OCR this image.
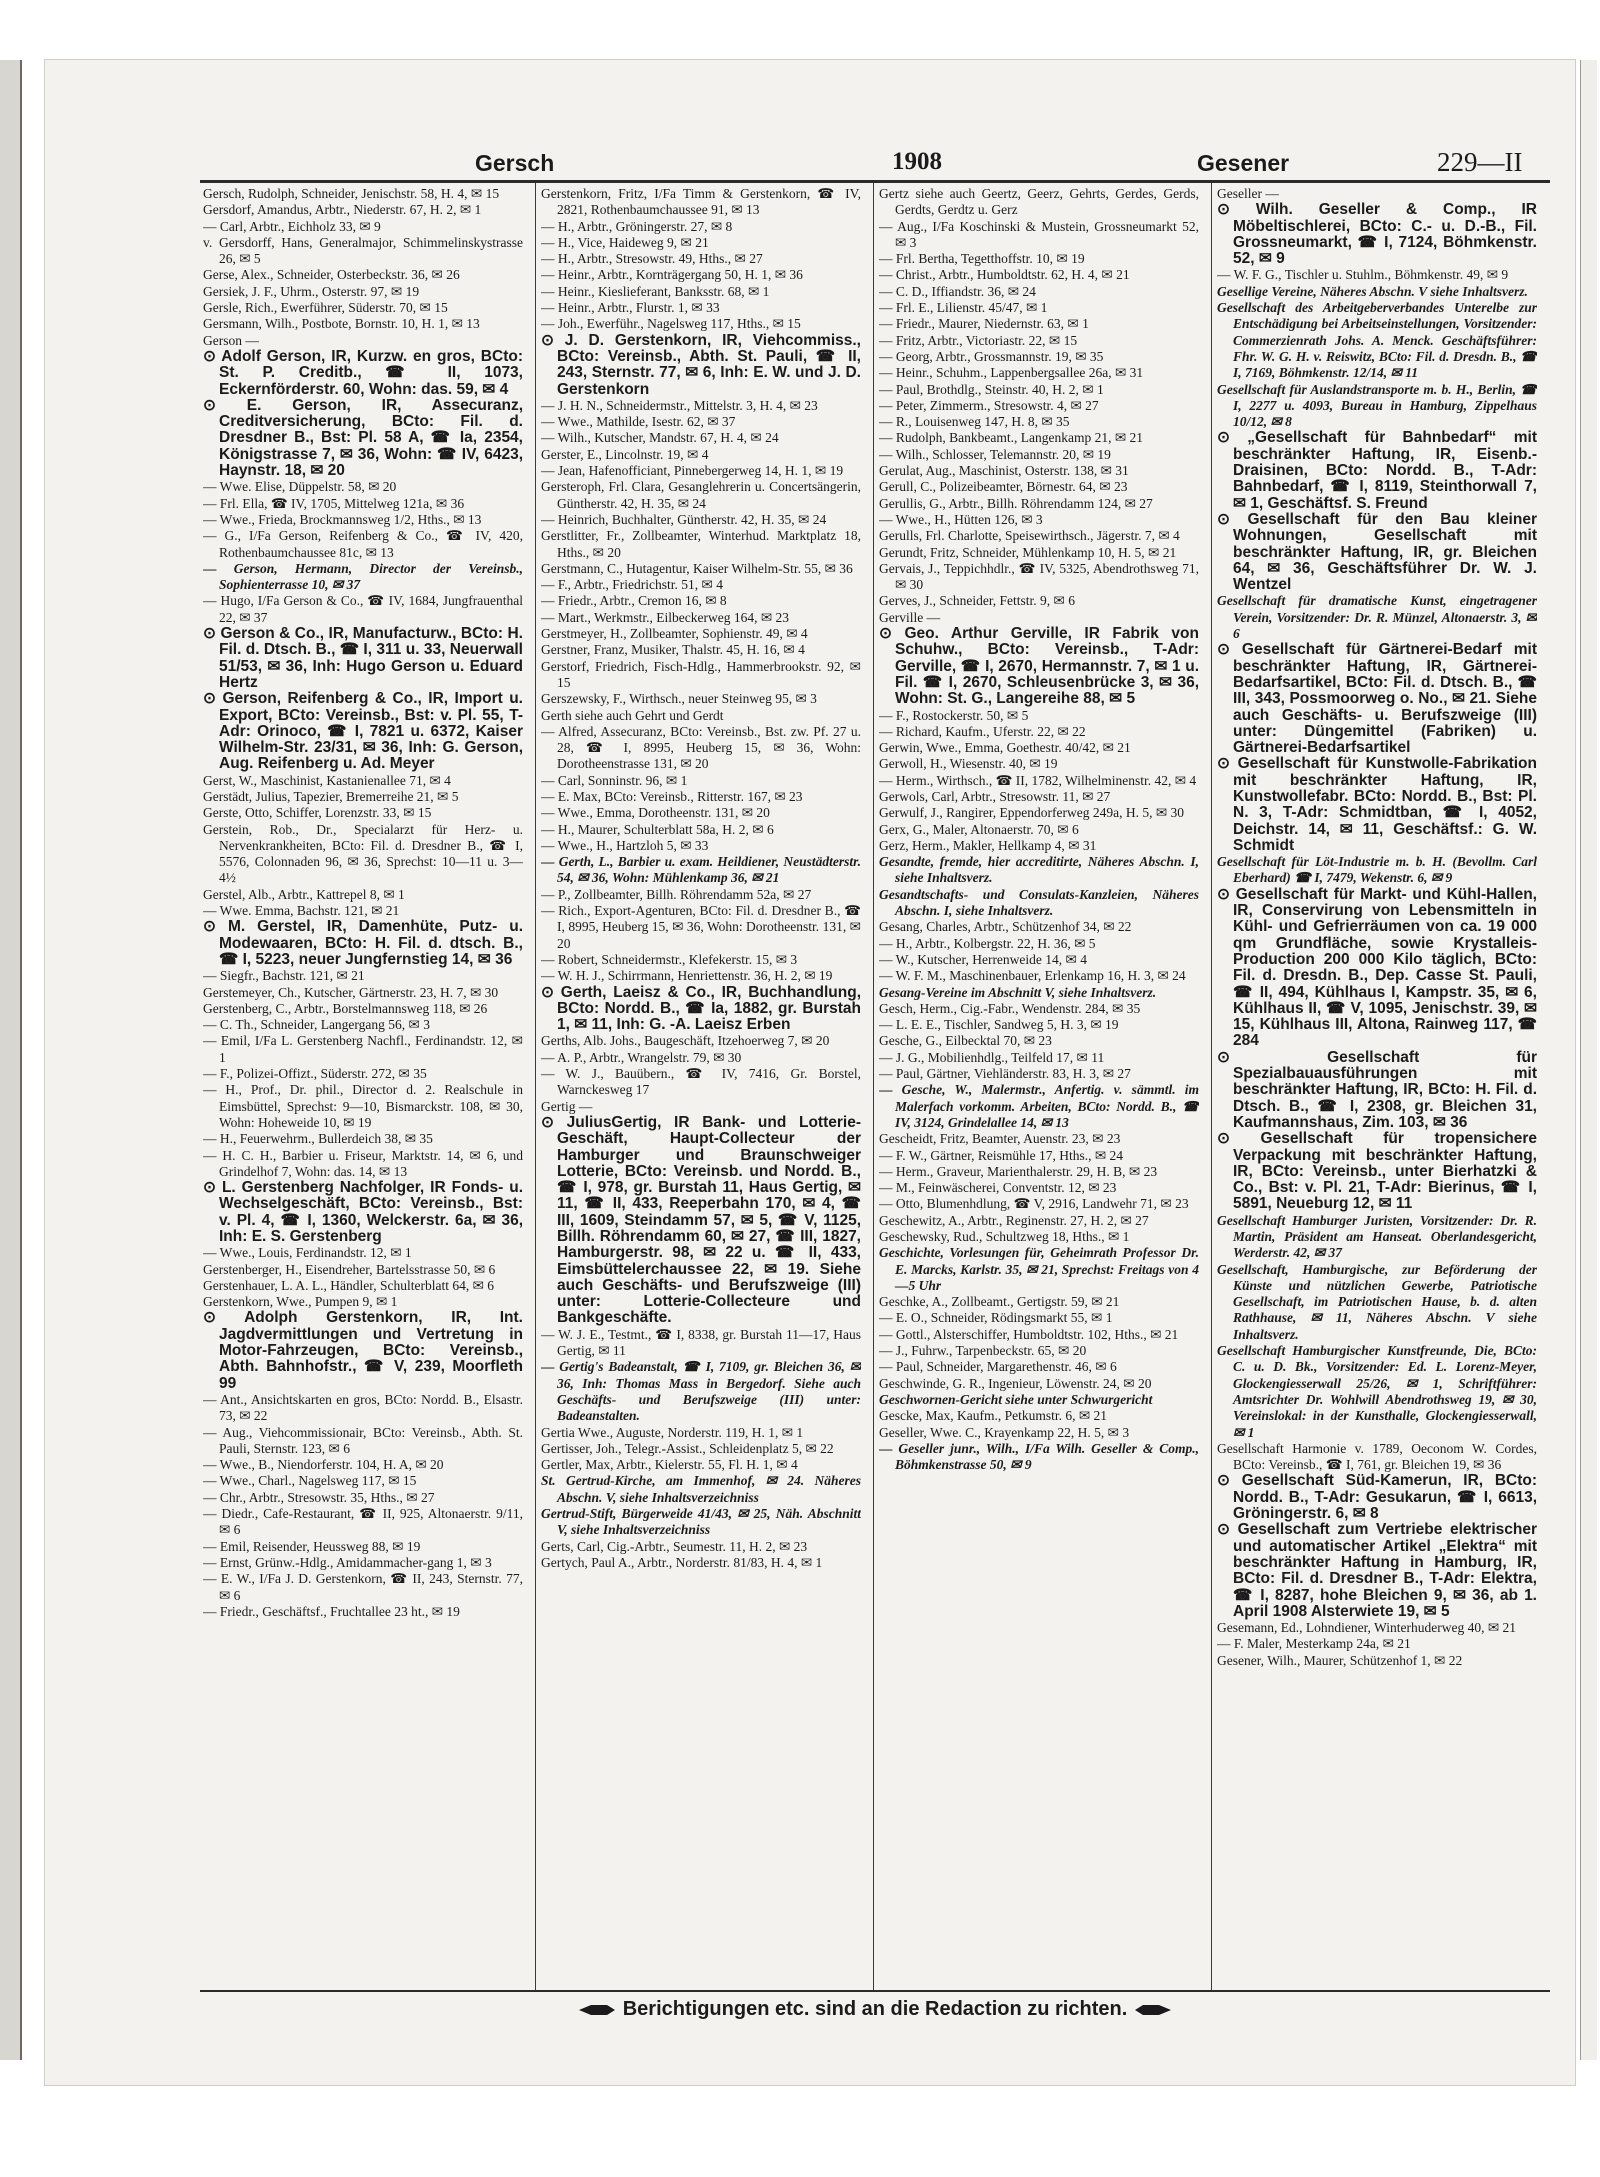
Gersch	1908	Gesener	229—II

Gersch, Rudolph, Schneider, Jenischstr. 58, H. 4, ✉ 15

Gersdorf, Amandus, Arbtr., Niederstr. 67, H. 2, ✉ 1

— Carl, Arbtr., Eichholz 33, ✉ 9

v. Gersdorff, Hans, Generalmajor, Schimmelinskystrasse 26, ✉ 5

Gerse, Alex., Schneider, Osterbeckstr. 36, ✉ 26

Gersiek, J. F., Uhrm., Osterstr. 97, ✉ 19

Gersle, Rich., Ewerführer, Süderstr. 70, ✉ 15

Gersmann, Wilh., Postbote, Bornstr. 10, H. 1, ✉ 13

Gerson —

⊙ Adolf Gerson, IR, Kurzw. en gros, BCto: St. P. Creditb., ☎ II, 1073, Eckernförderstr. 60, Wohn: das. 59, ✉ 4

⊙ E. Gerson, IR, Assecuranz, Creditversicherung, BCto: Fil. d. Dresdner B., Bst: Pl. 58 A, ☎ Ia, 2354, Königstrasse 7, ✉ 36, Wohn: ☎ IV, 6423, Haynstr. 18, ✉ 20

— Wwe. Elise, Düppelstr. 58, ✉ 20

— Frl. Ella, ☎ IV, 1705, Mittelweg 121a, ✉ 36

— Wwe., Frieda, Brockmannsweg 1/2, Hths., ✉ 13

— G., I/Fa Gerson, Reifenberg & Co., ☎ IV, 420, Rothenbaumchaussee 81c, ✉ 13

— Gerson, Hermann, Director der Vereinsb., Sophienterrasse 10, ✉ 37

— Hugo, I/Fa Gerson & Co., ☎ IV, 1684, Jungfrauenthal 22, ✉ 37

⊙ Gerson & Co., IR, Manufacturw., BCto: H. Fil. d. Dtsch. B., ☎ I, 311 u. 33, Neuerwall 51/53, ✉ 36, Inh: Hugo Gerson u. Eduard Hertz

⊙ Gerson, Reifenberg & Co., IR, Import u. Export, BCto: Vereinsb., Bst: v. Pl. 55, T-Adr: Orinoco, ☎ I, 7821 u. 6372, Kaiser Wilhelm-Str. 23/31, ✉ 36, Inh: G. Gerson, Aug. Reifenberg u. Ad. Meyer

Gerst, W., Maschinist, Kastanienallee 71, ✉ 4

Gerstädt, Julius, Tapezier, Bremerreihe 21, ✉ 5

Gerste, Otto, Schiffer, Lorenzstr. 33, ✉ 15

Gerstein, Rob., Dr., Specialarzt für Herz- u. Nervenkrankheiten, BCto: Fil. d. Dresdner B., ☎ I, 5576, Colonnaden 96, ✉ 36, Sprechst: 10—11 u. 3—4½

Gerstel, Alb., Arbtr., Kattrepel 8, ✉ 1

— Wwe. Emma, Bachstr. 121, ✉ 21

⊙ M. Gerstel, IR, Damenhüte, Putz- u. Modewaaren, BCto: H. Fil. d. dtsch. B., ☎ I, 5223, neuer Jungfernstieg 14, ✉ 36

— Siegfr., Bachstr. 121, ✉ 21

Gerstemeyer, Ch., Kutscher, Gärtnerstr. 23, H. 7, ✉ 30

Gerstenberg, C., Arbtr., Borstelmannsweg 118, ✉ 26

— C. Th., Schneider, Langergang 56, ✉ 3

— Emil, I/Fa L. Gerstenberg Nachfl., Ferdinandstr. 12, ✉ 1

— F., Polizei-Offizt., Süderstr. 272, ✉ 35

— H., Prof., Dr. phil., Director d. 2. Realschule in Eimsbüttel, Sprechst: 9—10, Bismarckstr. 108, ✉ 30, Wohn: Hoheweide 10, ✉ 19

— H., Feuerwehrm., Bullerdeich 38, ✉ 35

— H. C. H., Barbier u. Friseur, Marktstr. 14, ✉ 6, und Grindelhof 7, Wohn: das. 14, ✉ 13

⊙ L. Gerstenberg Nachfolger, IR Fonds- u. Wechselgeschäft, BCto: Vereinsb., Bst: v. Pl. 4, ☎ I, 1360, Welckerstr. 6a, ✉ 36, Inh: E. S. Gerstenberg

— Wwe., Louis, Ferdinandstr. 12, ✉ 1

Gerstenberger, H., Eisendreher, Bartelsstrasse 50, ✉ 6

Gerstenhauer, L. A. L., Händler, Schulterblatt 64, ✉ 6

Gerstenkorn, Wwe., Pumpen 9, ✉ 1

⊙ Adolph Gerstenkorn, IR, Int. Jagdvermittlungen und Vertretung in Motor-Fahrzeugen, BCto: Vereinsb., Abth. Bahnhofstr., ☎ V, 239, Moorfleth 99

— Ant., Ansichtskarten en gros, BCto: Nordd. B., Elsastr. 73, ✉ 22

— Aug., Viehcommissionair, BCto: Vereinsb., Abth. St. Pauli, Sternstr. 123, ✉ 6

— Wwe., B., Niendorferstr. 104, H. A, ✉ 20

— Wwe., Charl., Nagelsweg 117, ✉ 15

— Chr., Arbtr., Stresowstr. 35, Hths., ✉ 27

— Diedr., Cafe-Restaurant, ☎ II, 925, Altonaerstr. 9/11, ✉ 6

— Emil, Reisender, Heussweg 88, ✉ 19

— Ernst, Grünw.-Hdlg., Amidammacher-gang 1, ✉ 3

— E. W., I/Fa J. D. Gerstenkorn, ☎ II, 243, Sternstr. 77, ✉ 6

— Friedr., Geschäftsf., Fruchtallee 23 ht., ✉ 19

Gerstenkorn, Fritz, I/Fa Timm & Gerstenkorn, ☎ IV, 2821, Rothenbaumchaussee 91, ✉ 13

— H., Arbtr., Gröningerstr. 27, ✉ 8

— H., Vice, Haideweg 9, ✉ 21

— H., Arbtr., Stresowstr. 49, Hths., ✉ 27

— Heinr., Arbtr., Kornträgergang 50, H. 1, ✉ 36

— Heinr., Kieslieferant, Banksstr. 68, ✉ 1

— Heinr., Arbtr., Flurstr. 1, ✉ 33

— Joh., Ewerführ., Nagelsweg 117, Hths., ✉ 15

⊙ J. D. Gerstenkorn, IR, Viehcommiss., BCto: Vereinsb., Abth. St. Pauli, ☎ II, 243, Sternstr. 77, ✉ 6, Inh: E. W. und J. D. Gerstenkorn

— J. H. N., Schneidermstr., Mittelstr. 3, H. 4, ✉ 23

— Wwe., Mathilde, Isestr. 62, ✉ 37

— Wilh., Kutscher, Mandstr. 67, H. 4, ✉ 24

Gerster, E., Lincolnstr. 19, ✉ 4

— Jean, Hafenofficiant, Pinnebergerweg 14, H. 1, ✉ 19

Gersteroph, Frl. Clara, Gesanglehrerin u. Concertsängerin, Güntherstr. 42, H. 35, ✉ 24

— Heinrich, Buchhalter, Güntherstr. 42, H. 35, ✉ 24

Gerstlitter, Fr., Zollbeamter, Winterhud. Marktplatz 18, Hths., ✉ 20

Gerstmann, C., Hutagentur, Kaiser Wilhelm-Str. 55, ✉ 36

— F., Arbtr., Friedrichstr. 51, ✉ 4

— Friedr., Arbtr., Cremon 16, ✉ 8

— Mart., Werkmstr., Eilbeckerweg 164, ✉ 23

Gerstmeyer, H., Zollbeamter, Sophienstr. 49, ✉ 4

Gerstner, Franz, Musiker, Thalstr. 45, H. 16, ✉ 4

Gerstorf, Friedrich, Fisch-Hdlg., Hammerbrookstr. 92, ✉ 15

Gerszewsky, F., Wirthsch., neuer Steinweg 95, ✉ 3

Gerth siehe auch Gehrt und Gerdt

— Alfred, Assecuranz, BCto: Vereinsb., Bst. zw. Pf. 27 u. 28, ☎ I, 8995, Heuberg 15, ✉ 36, Wohn: Dorotheenstrasse 131, ✉ 20

— Carl, Sonninstr. 96, ✉ 1

— E. Max, BCto: Vereinsb., Ritterstr. 167, ✉ 23

— Wwe., Emma, Dorotheenstr. 131, ✉ 20

— H., Maurer, Schulterblatt 58a, H. 2, ✉ 6

— Wwe., H., Hartzloh 5, ✉ 33

— Gerth, L., Barbier u. exam. Heildiener, Neustädterstr. 54, ✉ 36, Wohn: Mühlenkamp 36, ✉ 21

— P., Zollbeamter, Billh. Röhrendamm 52a, ✉ 27

— Rich., Export-Agenturen, BCto: Fil. d. Dresdner B., ☎ I, 8995, Heuberg 15, ✉ 36, Wohn: Dorotheenstr. 131, ✉ 20

— Robert, Schneidermstr., Klefekerstr. 15, ✉ 3

— W. H. J., Schirrmann, Henriettenstr. 36, H. 2, ✉ 19

⊙ Gerth, Laeisz & Co., IR, Buchhandlung, BCto: Nordd. B., ☎ Ia, 1882, gr. Burstah 1, ✉ 11, Inh: G. -A. Laeisz Erben

Gerths, Alb. Johs., Baugeschäft, Itzehoerweg 7, ✉ 20

— A. P., Arbtr., Wrangelstr. 79, ✉ 30

— W. J., Bauübern., ☎ IV, 7416, Gr. Borstel, Warnckesweg 17

Gertig —

⊙ JuliusGertig, IR Bank- und Lotterie-Geschäft, Haupt-Collecteur der Hamburger und Braunschweiger Lotterie, BCto: Vereinsb. und Nordd. B., ☎ I, 978, gr. Burstah 11, Haus Gertig, ✉ 11, ☎ II, 433, Reeperbahn 170, ✉ 4, ☎ III, 1609, Steindamm 57, ✉ 5, ☎ V, 1125, Billh. Röhrendamm 60, ✉ 27, ☎ III, 1827, Hamburgerstr. 98, ✉ 22 u. ☎ II, 433, Eimsbüttelerchaussee 22, ✉ 19. Siehe auch Geschäfts- und Berufszweige (III) unter: Lotterie-Collecteure und Bankgeschäfte.

— W. J. E., Testmt., ☎ I, 8338, gr. Burstah 11—17, Haus Gertig, ✉ 11

— Gertig's Badeanstalt, ☎ I, 7109, gr. Bleichen 36, ✉ 36, Inh: Thomas Mass in Bergedorf. Siehe auch Geschäfts- und Berufszweige (III) unter: Badeanstalten.

Gertia Wwe., Auguste, Norderstr. 119, H. 1, ✉ 1

Gertisser, Joh., Telegr.-Assist., Schleidenplatz 5, ✉ 22

Gertler, Max, Arbtr., Kielerstr. 55, Fl. H. 1, ✉ 4

St. Gertrud-Kirche, am Immenhof, ✉ 24. Näheres Abschn. V, siehe Inhaltsverzeichniss

Gertrud-Stift, Bürgerweide 41/43, ✉ 25, Näh. Abschnitt V, siehe Inhaltsverzeichniss

Gerts, Carl, Cig.-Arbtr., Seumestr. 11, H. 2, ✉ 23

Gertych, Paul A., Arbtr., Norderstr. 81/83, H. 4, ✉ 1

Gertz siehe auch Geertz, Geerz, Gehrts, Gerdes, Gerds, Gerdts, Gerdtz u. Gerz

— Aug., I/Fa Koschinski & Mustein, Grossneumarkt 52, ✉ 3

— Frl. Bertha, Tegetthoffstr. 10, ✉ 19

— Christ., Arbtr., Humboldtstr. 62, H. 4, ✉ 21

— C. D., Iffiandstr. 36, ✉ 24

— Frl. E., Lilienstr. 45/47, ✉ 1

— Friedr., Maurer, Niedernstr. 63, ✉ 1

— Fritz, Arbtr., Victoriastr. 22, ✉ 15

— Georg, Arbtr., Grossmannstr. 19, ✉ 35

— Heinr., Schuhm., Lappenbergsallee 26a, ✉ 31

— Paul, Brothdlg., Steinstr. 40, H. 2, ✉ 1

— Peter, Zimmerm., Stresowstr. 4, ✉ 27

— R., Louisenweg 147, H. 8, ✉ 35

— Rudolph, Bankbeamt., Langenkamp 21, ✉ 21

— Wilh., Schlosser, Telemannstr. 20, ✉ 19

Gerulat, Aug., Maschinist, Osterstr. 138, ✉ 31

Gerull, C., Polizeibeamter, Börnestr. 64, ✉ 23

Gerullis, G., Arbtr., Billh. Röhrendamm 124, ✉ 27

— Wwe., H., Hütten 126, ✉ 3

Gerulls, Frl. Charlotte, Speisewirthsch., Jägerstr. 7, ✉ 4

Gerundt, Fritz, Schneider, Mühlenkamp 10, H. 5, ✉ 21

Gervais, J., Teppichhdlr., ☎ IV, 5325, Abendrothsweg 71, ✉ 30

Gerves, J., Schneider, Fettstr. 9, ✉ 6

Gerville —

⊙ Geo. Arthur Gerville, IR Fabrik von Schuhw., BCto: Vereinsb., T-Adr: Gerville, ☎ I, 2670, Hermannstr. 7, ✉ 1 u. Fil. ☎ I, 2670, Schleusenbrücke 3, ✉ 36, Wohn: St. G., Langereihe 88, ✉ 5

— F., Rostockerstr. 50, ✉ 5

— Richard, Kaufm., Uferstr. 22, ✉ 22

Gerwin, Wwe., Emma, Goethestr. 40/42, ✉ 21

Gerwoll, H., Wiesenstr. 40, ✉ 19

— Herm., Wirthsch., ☎ II, 1782, Wilhelminenstr. 42, ✉ 4

Gerwols, Carl, Arbtr., Stresowstr. 11, ✉ 27

Gerwulf, J., Rangirer, Eppendorferweg 249a, H. 5, ✉ 30

Gerx, G., Maler, Altonaerstr. 70, ✉ 6

Gerz, Herm., Makler, Hellkamp 4, ✉ 31

Gesandte, fremde, hier accreditirte, Näheres Abschn. I, siehe Inhaltsverz.

Gesandtschafts- und Consulats-Kanzleien, Näheres Abschn. I, siehe Inhaltsverz.

Gesang, Charles, Arbtr., Schützenhof 34, ✉ 22

— H., Arbtr., Kolbergstr. 22, H. 36, ✉ 5

— W., Kutscher, Herrenweide 14, ✉ 4

— W. F. M., Maschinenbauer, Erlenkamp 16, H. 3, ✉ 24

Gesang-Vereine im Abschnitt V, siehe Inhaltsverz.

Gesch, Herm., Cig.-Fabr., Wendenstr. 284, ✉ 35

— L. E. E., Tischler, Sandweg 5, H. 3, ✉ 19

Gesche, G., Eilbecktal 70, ✉ 23

— J. G., Mobilienhdlg., Teilfeld 17, ✉ 11

— Paul, Gärtner, Viehländerstr. 83, H. 3, ✉ 27

— Gesche, W., Malermstr., Anfertig. v. sämmtl. im Malerfach vorkomm. Arbeiten, BCto: Nordd. B., ☎ IV, 3124, Grindelallee 14, ✉ 13

Gescheidt, Fritz, Beamter, Auenstr. 23, ✉ 23

— F. W., Gärtner, Reismühle 17, Hths., ✉ 24

— Herm., Graveur, Marienthalerstr. 29, H. B, ✉ 23

— M., Feinwäscherei, Conventstr. 12, ✉ 23

— Otto, Blumenhdlung, ☎ V, 2916, Landwehr 71, ✉ 23

Geschewitz, A., Arbtr., Reginenstr. 27, H. 2, ✉ 27

Geschewsky, Rud., Schultzweg 18, Hths., ✉ 1

Geschichte, Vorlesungen für, Geheimrath Professor Dr. E. Marcks, Karlstr. 35, ✉ 21, Sprechst: Freitags von 4—5 Uhr

Geschke, A., Zollbeamt., Gertigstr. 59, ✉ 21

— E. O., Schneider, Rödingsmarkt 55, ✉ 1

— Gottl., Alsterschiffer, Humboldtstr. 102, Hths., ✉ 21

— J., Fuhrw., Tarpenbeckstr. 65, ✉ 20

— Paul, Schneider, Margarethenstr. 46, ✉ 6

Geschwinde, G. R., Ingenieur, Löwenstr. 24, ✉ 20

Geschwornen-Gericht siehe unter Schwurgericht

Gescke, Max, Kaufm., Petkumstr. 6, ✉ 21

Geseller, Wwe. C., Krayenkamp 22, H. 5, ✉ 3

— Geseller junr., Wilh., I/Fa Wilh. Geseller & Comp., Böhmkenstrasse 50, ✉ 9

Geseller —

⊙ Wilh. Geseller & Comp., IR Möbeltischlerei, BCto: C.- u. D.-B., Fil. Grossneumarkt, ☎ I, 7124, Böhmkenstr. 52, ✉ 9

— W. F. G., Tischler u. Stuhlm., Böhmkenstr. 49, ✉ 9

Gesellige Vereine, Näheres Abschn. V siehe Inhaltsverz.

Gesellschaft des Arbeitgeberverbandes Unterelbe zur Entschädigung bei Arbeitseinstellungen, Vorsitzender: Commerzienrath Johs. A. Menck. Geschäftsführer: Fhr. W. G. H. v. Reiswitz, BCto: Fil. d. Dresdn. B., ☎ I, 7169, Böhmkenstr. 12/14, ✉ 11

Gesellschaft für Auslandstransporte m. b. H., Berlin, ☎ I, 2277 u. 4093, Bureau in Hamburg, Zippelhaus 10/12, ✉ 8

⊙ „Gesellschaft für Bahnbedarf“ mit beschränkter Haftung, IR, Eisenb.-Draisinen, BCto: Nordd. B., T-Adr: Bahnbedarf, ☎ I, 8119, Steinthorwall 7, ✉ 1, Geschäftsf. S. Freund

⊙ Gesellschaft für den Bau kleiner Wohnungen, Gesellschaft mit beschränkter Haftung, IR, gr. Bleichen 64, ✉ 36, Geschäftsführer Dr. W. J. Wentzel

Gesellschaft für dramatische Kunst, eingetragener Verein, Vorsitzender: Dr. R. Münzel, Altonaerstr. 3, ✉ 6

⊙ Gesellschaft für Gärtnerei-Bedarf mit beschränkter Haftung, IR, Gärtnerei-Bedarfsartikel, BCto: Fil. d. Dtsch. B., ☎ III, 343, Possmoorweg o. No., ✉ 21. Siehe auch Geschäfts- u. Berufszweige (III) unter: Düngemittel (Fabriken) u. Gärtnerei-Bedarfsartikel

⊙ Gesellschaft für Kunstwolle-Fabrikation mit beschränkter Haftung, IR, Kunstwollefabr. BCto: Nordd. B., Bst: Pl. N. 3, T-Adr: Schmidtban, ☎ I, 4052, Deichstr. 14, ✉ 11, Geschäftsf.: G. W. Schmidt

Gesellschaft für Löt-Industrie m. b. H. (Bevollm. Carl Eberhard) ☎ I, 7479, Wekenstr. 6, ✉ 9

⊙ Gesellschaft für Markt- und Kühl-Hallen, IR, Conservirung von Lebensmitteln in Kühl- und Gefrierräumen von ca. 19 000 qm Grundfläche, sowie Krystalleis-Production 200 000 Kilo täglich, BCto: Fil. d. Dresdn. B., Dep. Casse St. Pauli, ☎ II, 494, Kühlhaus I, Kampstr. 35, ✉ 6, Kühlhaus II, ☎ V, 1095, Jenischstr. 39, ✉ 15, Kühlhaus III, Altona, Rainweg 117, ☎ 284

⊙ Gesellschaft für Spezialbauausführungen mit beschränkter Haftung, IR, BCto: H. Fil. d. Dtsch. B., ☎ I, 2308, gr. Bleichen 31, Kaufmannshaus, Zim. 103, ✉ 36

⊙ Gesellschaft für tropensichere Verpackung mit beschränkter Haftung, IR, BCto: Vereinsb., unter Bierhatzki & Co., Bst: v. Pl. 21, T-Adr: Bierinus, ☎ I, 5891, Neueburg 12, ✉ 11

Gesellschaft Hamburger Juristen, Vorsitzender: Dr. R. Martin, Präsident am Hanseat. Oberlandesgericht, Werderstr. 42, ✉ 37

Gesellschaft, Hamburgische, zur Beförderung der Künste und nützlichen Gewerbe, Patriotische Gesellschaft, im Patriotischen Hause, b. d. alten Rathhause, ✉ 11, Näheres Abschn. V siehe Inhaltsverz.

Gesellschaft Hamburgischer Kunstfreunde, Die, BCto: C. u. D. Bk., Vorsitzender: Ed. L. Lorenz-Meyer, Glockengiesserwall 25/26, ✉ 1, Schriftführer: Amtsrichter Dr. Wohlwill Abendrothsweg 19, ✉ 30, Vereinslokal: in der Kunsthalle, Glockengiesserwall, ✉ 1

Gesellschaft Harmonie v. 1789, Oeconom W. Cordes, BCto: Vereinsb., ☎ I, 761, gr. Bleichen 19, ✉ 36

⊙ Gesellschaft Süd-Kamerun, IR, BCto: Nordd. B., T-Adr: Gesukarun, ☎ I, 6613, Gröningerstr. 6, ✉ 8

⊙ Gesellschaft zum Vertriebe elektrischer und automatischer Artikel „Elektra“ mit beschränkter Haftung in Hamburg, IR, BCto: Fil. d. Dresdner B., T-Adr: Elektra, ☎ I, 8287, hohe Bleichen 9, ✉ 36, ab 1. April 1908 Alsterwiete 19, ✉ 5

Gesemann, Ed., Lohndiener, Winterhuderweg 40, ✉ 21

— F. Maler, Mesterkamp 24a, ✉ 21

Gesener, Wilh., Maurer, Schützenhof 1, ✉ 22

Berichtigungen etc. sind an die Redaction zu richten.
